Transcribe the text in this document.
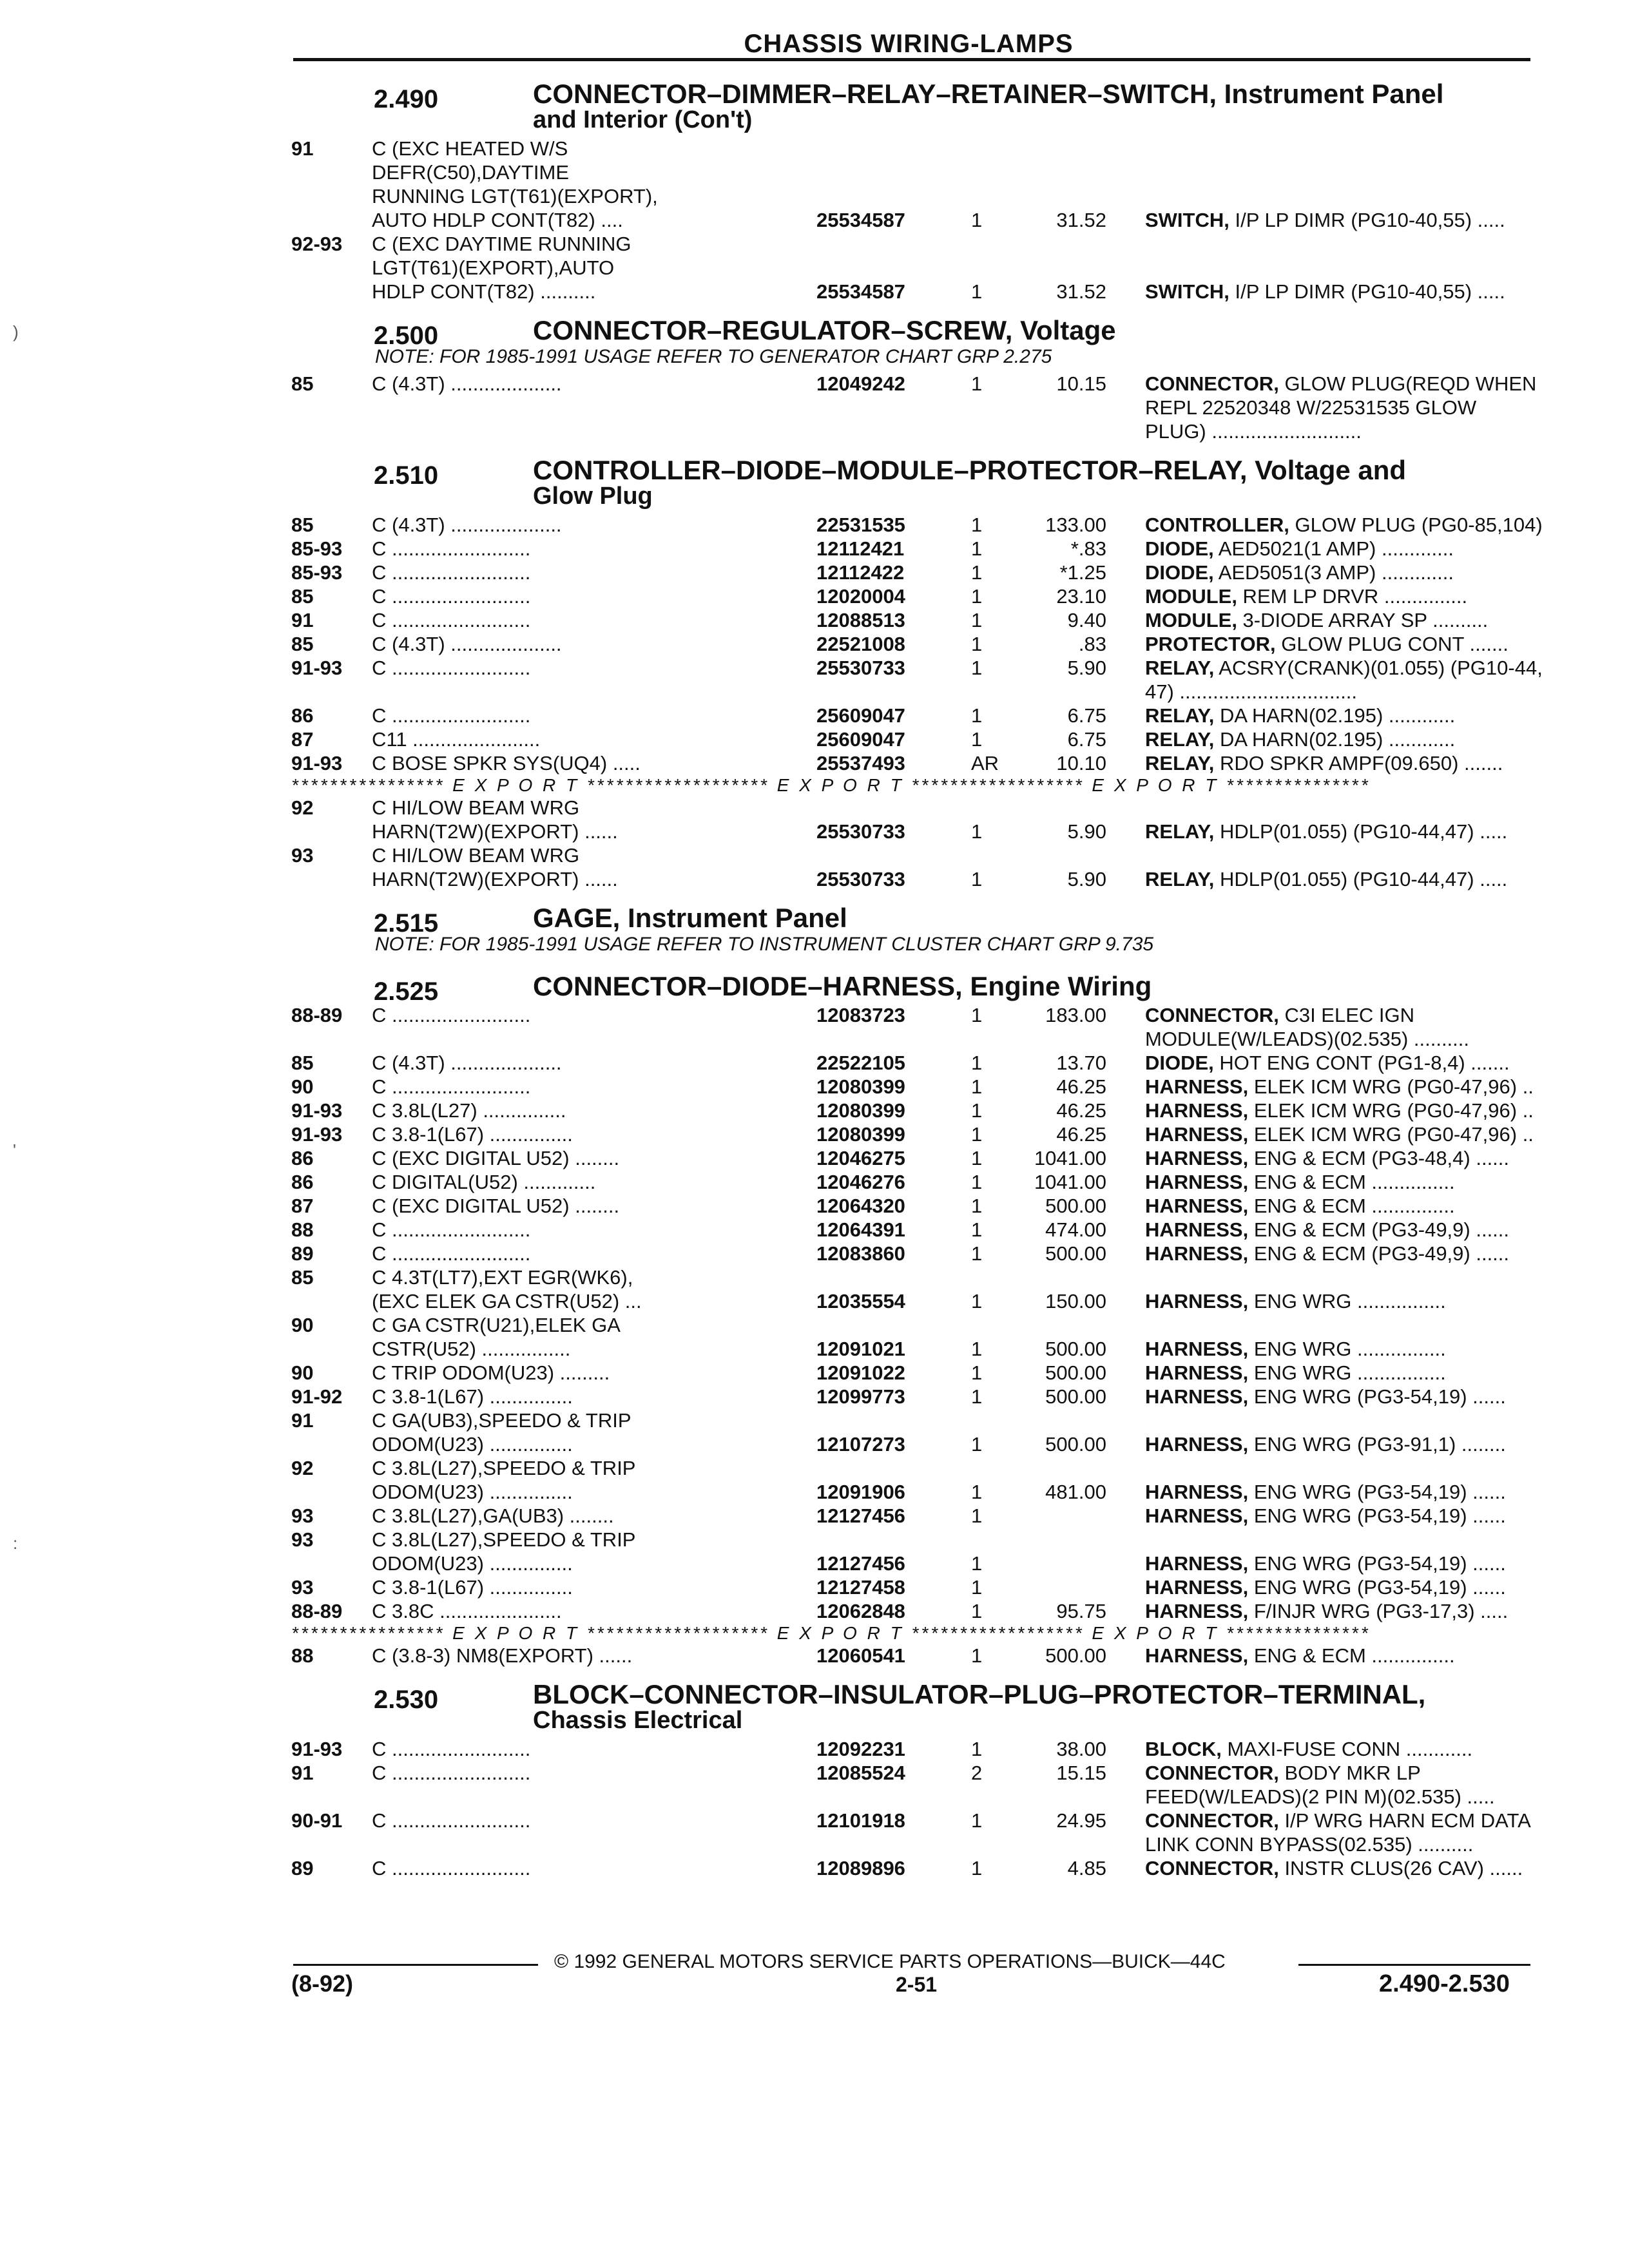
CHASSIS WIRING-LAMPS
2.490	CONNECTOR–DIMMER–RELAY–RETAINER–SWITCH, Instrument Panel
and Interior (Con't)
91	C (EXC HEATED W/S
DEFR(C50),DAYTIME
RUNNING LGT(T61)(EXPORT),
AUTO HDLP CONT(T82) ....	25534587	1	31.52 SWITCH, I/P LP DIMR (PG10-40,55) .....
92-93 C (EXC DAYTIME RUNNING
LGT(T61)(EXPORT),AUTO
HDLP CONT(T82) ..........	25534587	1	31.52 SWITCH, I/P LP DIMR (PG10-40,55) .....
2.500	CONNECTOR–REGULATOR–SCREW, Voltage
NOTE: FOR 1985-1991 USAGE REFER TO GENERATOR CHART GRP 2.275
85	C (4.3T) ....................	12049242	1	10.15 CONNECTOR, GLOW PLUG(REQD WHEN
REPL 22520348 W/22531535 GLOW
PLUG) ...........................
2.510	CONTROLLER–DIODE–MODULE–PROTECTOR–RELAY, Voltage and
Glow Plug
85	C (4.3T) ....................	22531535	1	133.00 CONTROLLER, GLOW PLUG (PG0-85,104)
85-93 C .........................	12112421	1	*.83 DIODE, AED5021(1 AMP) .............
85-93 C .........................	12112422	1	*1.25 DIODE, AED5051(3 AMP) .............
85	C .........................	12020004	1	23.10 MODULE, REM LP DRVR ...............
91	C .........................	12088513	1	9.40 MODULE, 3-DIODE ARRAY SP ..........
85	C (4.3T) ....................	22521008	1	.83 PROTECTOR, GLOW PLUG CONT .......
91-93 C .........................	25530733	1	5.90 RELAY, ACSRY(CRANK)(01.055) (PG10-44,
47) ................................
86	C .........................	25609047	1	6.75 RELAY, DA HARN(02.195) ............
87	C11 .......................	25609047	1	6.75 RELAY, DA HARN(02.195) ............
91-93 C BOSE SPKR SYS(UQ4) .....	25537493	AR	10.10 RELAY, RDO SPKR AMPF(09.650) .......
**************** E X P O R T ******************* E X P O R T ****************** E X P O R T ***************
92	C HI/LOW BEAM WRG
HARN(T2W)(EXPORT) ......	25530733	1	5.90 RELAY, HDLP(01.055) (PG10-44,47) .....
93	C HI/LOW BEAM WRG
HARN(T2W)(EXPORT) ......	25530733	1	5.90 RELAY, HDLP(01.055) (PG10-44,47) .....
2.515	GAGE, Instrument Panel
NOTE: FOR 1985-1991 USAGE REFER TO INSTRUMENT CLUSTER CHART GRP 9.735
2.525	CONNECTOR–DIODE–HARNESS, Engine Wiring
88-89 C .........................	12083723	1	183.00 CONNECTOR, C3I ELEC IGN
MODULE(W/LEADS)(02.535) ..........
85	C (4.3T) ....................	22522105	1	13.70 DIODE, HOT ENG CONT (PG1-8,4) .......
90	C .........................	12080399	1	46.25 HARNESS, ELEK ICM WRG (PG0-47,96) ..
91-93 C 3.8L(L27) ...............	12080399	1	46.25 HARNESS, ELEK ICM WRG (PG0-47,96) ..
91-93 C 3.8-1(L67) ...............	12080399	1	46.25 HARNESS, ELEK ICM WRG (PG0-47,96) ..
86	C (EXC DIGITAL U52) ........	12046275	1	1041.00 HARNESS, ENG & ECM (PG3-48,4) ......
86	C DIGITAL(U52) .............	12046276	1	1041.00 HARNESS, ENG & ECM ...............
87	C (EXC DIGITAL U52) ........	12064320	1	500.00 HARNESS, ENG & ECM ...............
88	C .........................	12064391	1	474.00 HARNESS, ENG & ECM (PG3-49,9) ......
89	C .........................	12083860	1	500.00 HARNESS, ENG & ECM (PG3-49,9) ......
85	C 4.3T(LT7),EXT EGR(WK6),
(EXC ELEK GA CSTR(U52) ...	12035554	1	150.00 HARNESS, ENG WRG ................
90	C GA CSTR(U21),ELEK GA
CSTR(U52) ................	12091021	1	500.00 HARNESS, ENG WRG ................
90	C TRIP ODOM(U23) .........	12091022	1	500.00 HARNESS, ENG WRG ................
91-92 C 3.8-1(L67) ...............	12099773	1	500.00 HARNESS, ENG WRG (PG3-54,19) ......
91	C GA(UB3),SPEEDO & TRIP
ODOM(U23) ...............	12107273	1	500.00 HARNESS, ENG WRG (PG3-91,1) ........
92	C 3.8L(L27),SPEEDO & TRIP
ODOM(U23) ...............	12091906	1	481.00 HARNESS, ENG WRG (PG3-54,19) ......
93	C 3.8L(L27),GA(UB3) ........	12127456	1	HARNESS, ENG WRG (PG3-54,19) ......
93	C 3.8L(L27),SPEEDO & TRIP
ODOM(U23) ...............	12127456	1	HARNESS, ENG WRG (PG3-54,19) ......
93	C 3.8-1(L67) ...............	12127458	1	HARNESS, ENG WRG (PG3-54,19) ......
88-89 C 3.8C ......................	12062848	1	95.75 HARNESS, F/INJR WRG (PG3-17,3) .....
**************** E X P O R T ******************* E X P O R T ****************** E X P O R T ***************
88	C (3.8-3) NM8(EXPORT) ......	12060541	1	500.00 HARNESS, ENG & ECM ...............
2.530	BLOCK–CONNECTOR–INSULATOR–PLUG–PROTECTOR–TERMINAL,
Chassis Electrical
91-93 C .........................	12092231	1	38.00 BLOCK, MAXI-FUSE CONN ............
91	C .........................	12085524	2	15.15 CONNECTOR, BODY MKR LP
FEED(W/LEADS)(2 PIN M)(02.535) .....
90-91 C .........................	12101918	1	24.95 CONNECTOR, I/P WRG HARN ECM DATA
LINK CONN BYPASS(02.535) ..........
89	C .........................	12089896	1	4.85 CONNECTOR, INSTR CLUS(26 CAV) ......
© 1992 GENERAL MOTORS SERVICE PARTS OPERATIONS—BUICK—44C
(8-92)	2-51	2.490-2.530
)
'
:
